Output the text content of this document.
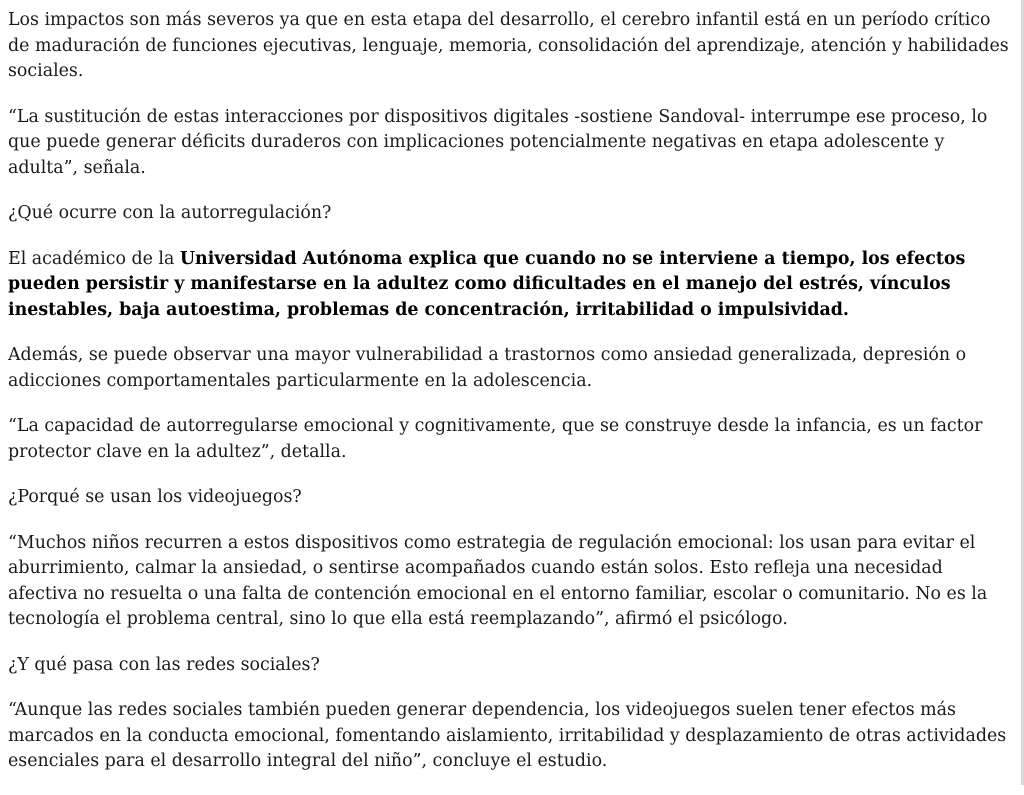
Los impactos son más severos ya que en esta etapa del desarrollo, el cerebro infantil está en un período crítico de maduración de funciones ejecutivas, lenguaje, memoria, consolidación del aprendizaje, atención y habilidades sociales.

“La sustitución de estas interacciones por dispositivos digitales -sostiene Sandoval- interrumpe ese proceso, lo que puede generar déficits duraderos con implicaciones potencialmente negativas en etapa adolescente y adulta”, señala.

¿Qué ocurre con la autorregulación?

El académico de la Universidad Autónoma explica que cuando no se interviene a tiempo, los efectos pueden persistir y manifestarse en la adultez como dificultades en el manejo del estrés, vínculos inestables, baja autoestima, problemas de concentración, irritabilidad o impulsividad.

Además, se puede observar una mayor vulnerabilidad a trastornos como ansiedad generalizada, depresión o adicciones comportamentales particularmente en la adolescencia.

“La capacidad de autorregularse emocional y cognitivamente, que se construye desde la infancia, es un factor protector clave en la adultez”, detalla.

¿Porqué se usan los videojuegos?

“Muchos niños recurren a estos dispositivos como estrategia de regulación emocional: los usan para evitar el aburrimiento, calmar la ansiedad, o sentirse acompañados cuando están solos. Esto refleja una necesidad afectiva no resuelta o una falta de contención emocional en el entorno familiar, escolar o comunitario. No es la tecnología el problema central, sino lo que ella está reemplazando”, afirmó el psicólogo.

¿Y qué pasa con las redes sociales?

“Aunque las redes sociales también pueden generar dependencia, los videojuegos suelen tener efectos más marcados en la conducta emocional, fomentando aislamiento, irritabilidad y desplazamiento de otras actividades esenciales para el desarrollo integral del niño”, concluye el estudio.
